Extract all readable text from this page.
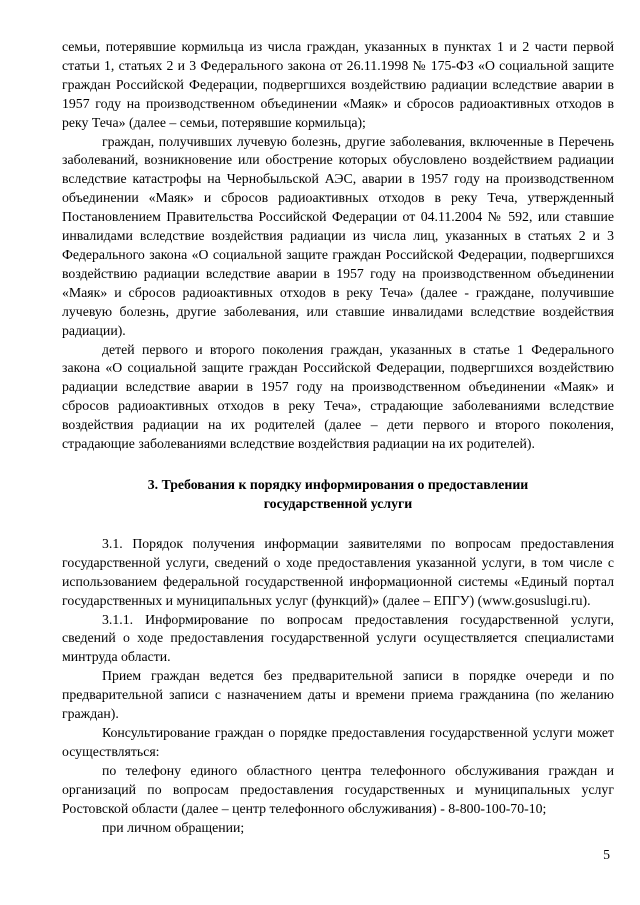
семьи, потерявшие кормильца из числа граждан, указанных в пунктах 1 и 2 части первой статьи 1, статьях 2 и 3 Федерального закона от 26.11.1998 № 175-ФЗ «О социальной защите граждан Российской Федерации, подвергшихся воздействию радиации вследствие аварии в 1957 году на производственном объединении «Маяк» и сбросов радиоактивных отходов в реку Теча» (далее – семьи, потерявшие кормильца);

граждан, получивших лучевую болезнь, другие заболевания, включенные в Перечень заболеваний, возникновение или обострение которых обусловлено воздействием радиации вследствие катастрофы на Чернобыльской АЭС, аварии в 1957 году на производственном объединении «Маяк» и сбросов радиоактивных отходов в реку Теча, утвержденный Постановлением Правительства Российской Федерации от 04.11.2004 № 592, или ставшие инвалидами вследствие воздействия радиации из числа лиц, указанных в статьях 2 и 3 Федерального закона «О социальной защите граждан Российской Федерации, подвергшихся воздействию радиации вследствие аварии в 1957 году на производственном объединении «Маяк» и сбросов радиоактивных отходов в реку Теча» (далее - граждане, получившие лучевую болезнь, другие заболевания, или ставшие инвалидами вследствие воздействия радиации).

детей первого и второго поколения граждан, указанных в статье 1 Федерального закона «О социальной защите граждан Российской Федерации, подвергшихся воздействию радиации вследствие аварии в 1957 году на производственном объединении «Маяк» и сбросов радиоактивных отходов в реку Теча», страдающие заболеваниями вследствие воздействия радиации на их родителей (далее – дети первого и второго поколения, страдающие заболеваниями вследствие воздействия радиации на их родителей).

3. Требования к порядку информирования о предоставлении
государственной услуги

3.1. Порядок получения информации заявителями по вопросам предоставления государственной услуги, сведений о ходе предоставления указанной услуги, в том числе с использованием федеральной государственной информационной системы «Единый портал государственных и муниципальных услуг (функций)» (далее – ЕПГУ) (www.gosuslugi.ru).

3.1.1. Информирование по вопросам предоставления государственной услуги, сведений о ходе предоставления государственной услуги осуществляется специалистами минтруда области.

Прием граждан ведется без предварительной записи в порядке очереди и по предварительной записи с назначением даты и времени приема гражданина (по желанию граждан).

Консультирование граждан о порядке предоставления государственной услуги может осуществляться:

по телефону единого областного центра телефонного обслуживания граждан и организаций по вопросам предоставления государственных и муниципальных услуг Ростовской области (далее – центр телефонного обслуживания) - 8-800-100-70-10;

при личном обращении;

5
